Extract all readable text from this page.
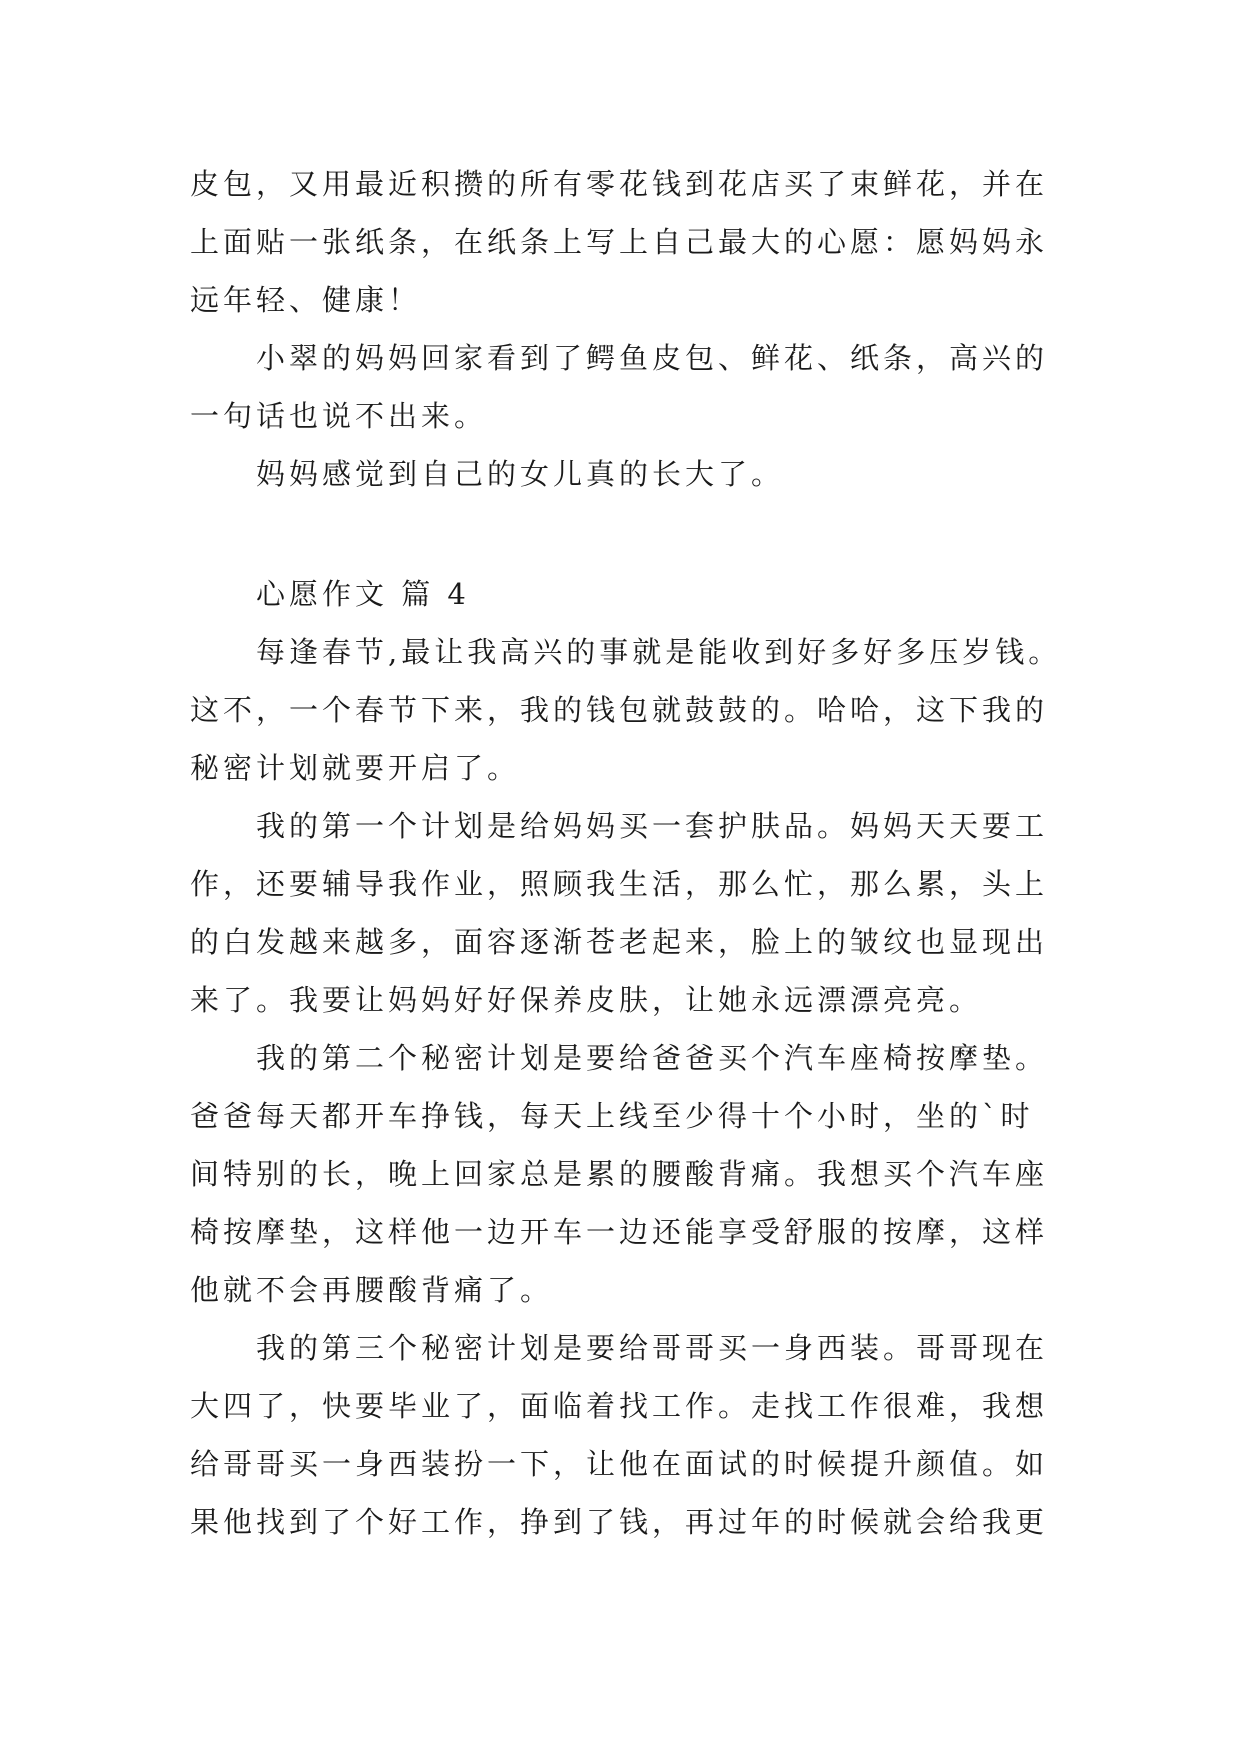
皮包，又用最近积攒的所有零花钱到花店买了束鲜花，并在
上面贴一张纸条，在纸条上写上自己最大的心愿：愿妈妈永
远年轻、健康！
小翠的妈妈回家看到了鳄鱼皮包、鲜花、纸条，高兴的
一句话也说不出来。
妈妈感觉到自己的女儿真的长大了。
心愿作文 篇 4
每逢春节,最让我高兴的事就是能收到好多好多压岁钱。
这不，一个春节下来，我的钱包就鼓鼓的。哈哈，这下我的
秘密计划就要开启了。
我的第一个计划是给妈妈买一套护肤品。妈妈天天要工
作，还要辅导我作业，照顾我生活，那么忙，那么累，头上
的白发越来越多，面容逐渐苍老起来，脸上的皱纹也显现出
来了。我要让妈妈好好保养皮肤，让她永远漂漂亮亮。
我的第二个秘密计划是要给爸爸买个汽车座椅按摩垫。
爸爸每天都开车挣钱，每天上线至少得十个小时，坐的`时
间特别的长，晚上回家总是累的腰酸背痛。我想买个汽车座
椅按摩垫，这样他一边开车一边还能享受舒服的按摩，这样
他就不会再腰酸背痛了。
我的第三个秘密计划是要给哥哥买一身西装。哥哥现在
大四了，快要毕业了，面临着找工作。走找工作很难，我想
给哥哥买一身西装扮一下，让他在面试的时候提升颜值。如
果他找到了个好工作，挣到了钱，再过年的时候就会给我更
